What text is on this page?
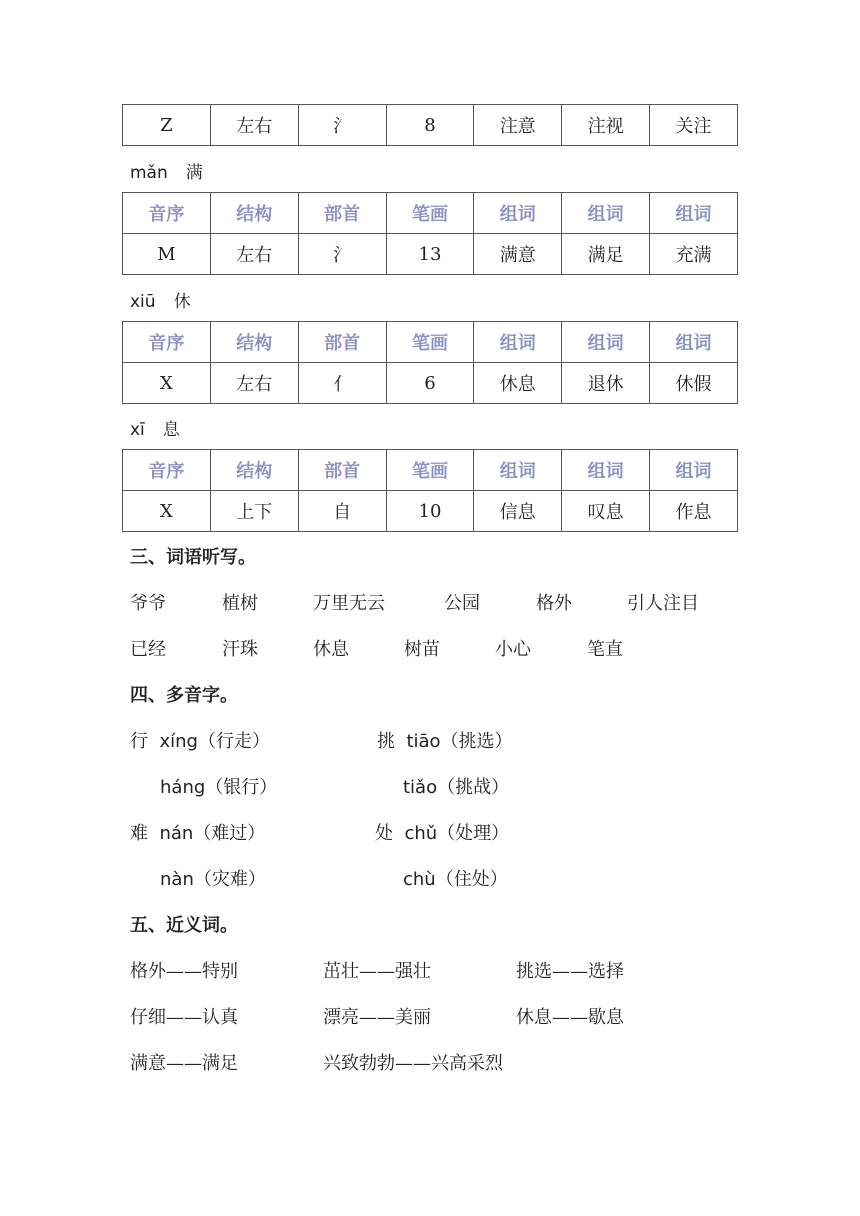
Z	左右	氵	8	注意	注视	关注
mǎn 满
音序	结构	部首	笔画	组词	组词	组词
M	左右	氵	13	满意	满足	充满
xiū 休
音序	结构	部首	笔画	组词	组词	组词
X	左右	亻	6	休息	退休	休假
xī 息
音序	结构	部首	笔画	组词	组词	组词
X	上下	自	10	信息	叹息	作息
三、词语听写。
爷爷	植树	万里无云	公园	格外	引人注目
已经	汗珠	休息	树苗	小心	笔直
四、多音字。
行 xíng（行走）
háng（银行）
挑 tiāo（挑选）
tiǎo（挑战）
难 nán（难过）
nàn（灾难）
处 chǔ（处理）
chù（住处）
五、近义词。
格外——特别	茁壮——强壮	挑选——选择
仔细——认真	漂亮——美丽	休息——歇息
满意——满足	兴致勃勃——兴高采烈
